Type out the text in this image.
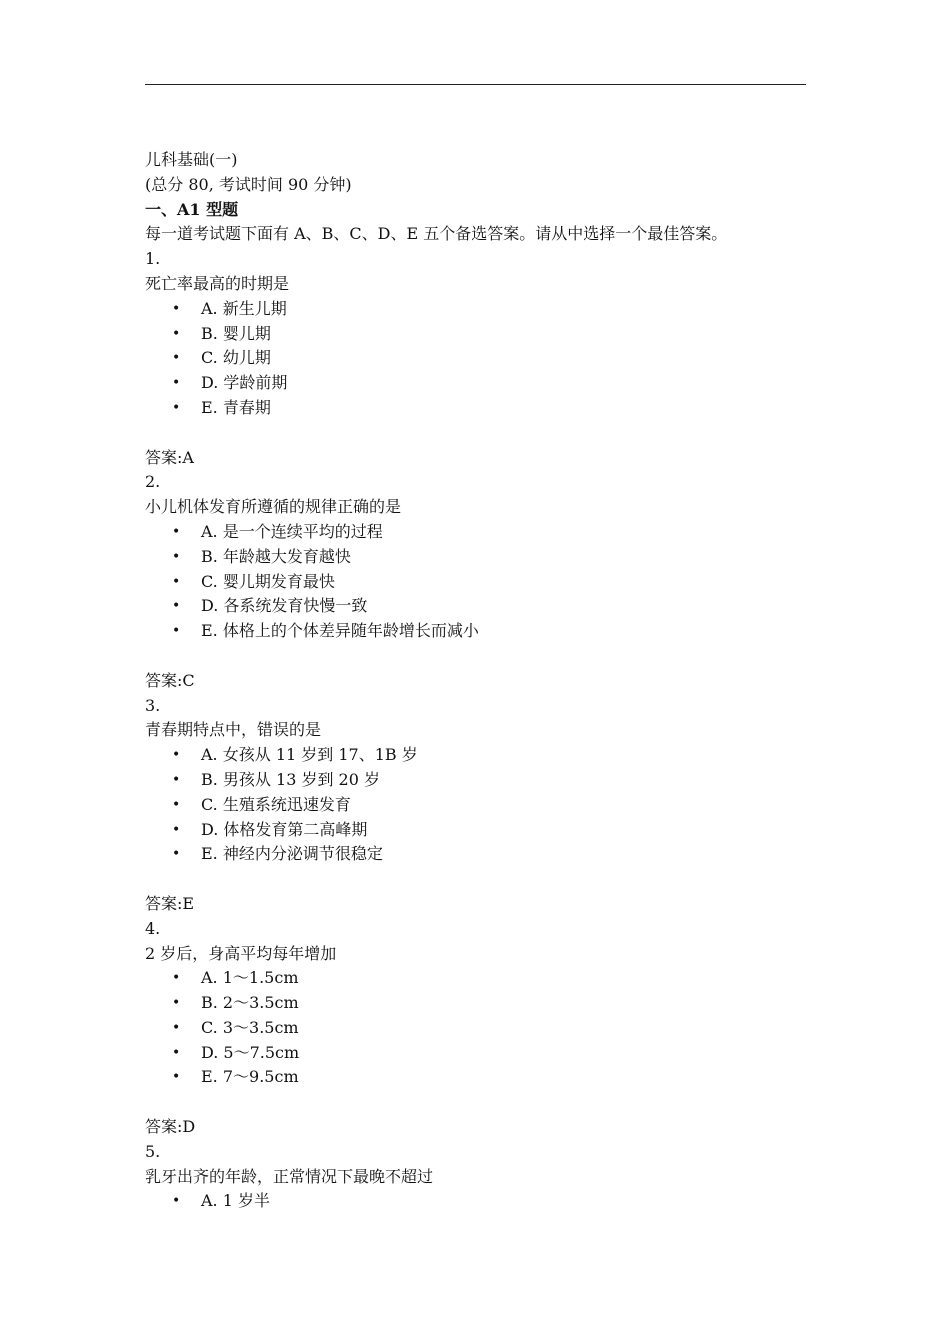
儿科基础(一)
(总分 80, 考试时间 90 分钟)
一、A1 型题
每一道考试题下面有 A、B、C、D、E 五个备选答案。请从中选择一个最佳答案。
1.
死亡率最高的时期是
• A. 新生儿期
• B. 婴儿期
• C. 幼儿期
• D. 学龄前期
• E. 青春期
答案:A
2.
小儿机体发育所遵循的规律正确的是
• A. 是一个连续平均的过程
• B. 年龄越大发育越快
• C. 婴儿期发育最快
• D. 各系统发育快慢一致
• E. 体格上的个体差异随年龄增长而减小
答案:C
3.
青春期特点中，错误的是
• A. 女孩从 11 岁到 17、1B 岁
• B. 男孩从 13 岁到 20 岁
• C. 生殖系统迅速发育
• D. 体格发育第二高峰期
• E. 神经内分泌调节很稳定
答案:E
4.
2 岁后，身高平均每年增加
• A. 1～1.5cm
• B. 2～3.5cm
• C. 3～3.5cm
• D. 5～7.5cm
• E. 7～9.5cm
答案:D
5.
乳牙出齐的年龄，正常情况下最晚不超过
• A. 1 岁半
